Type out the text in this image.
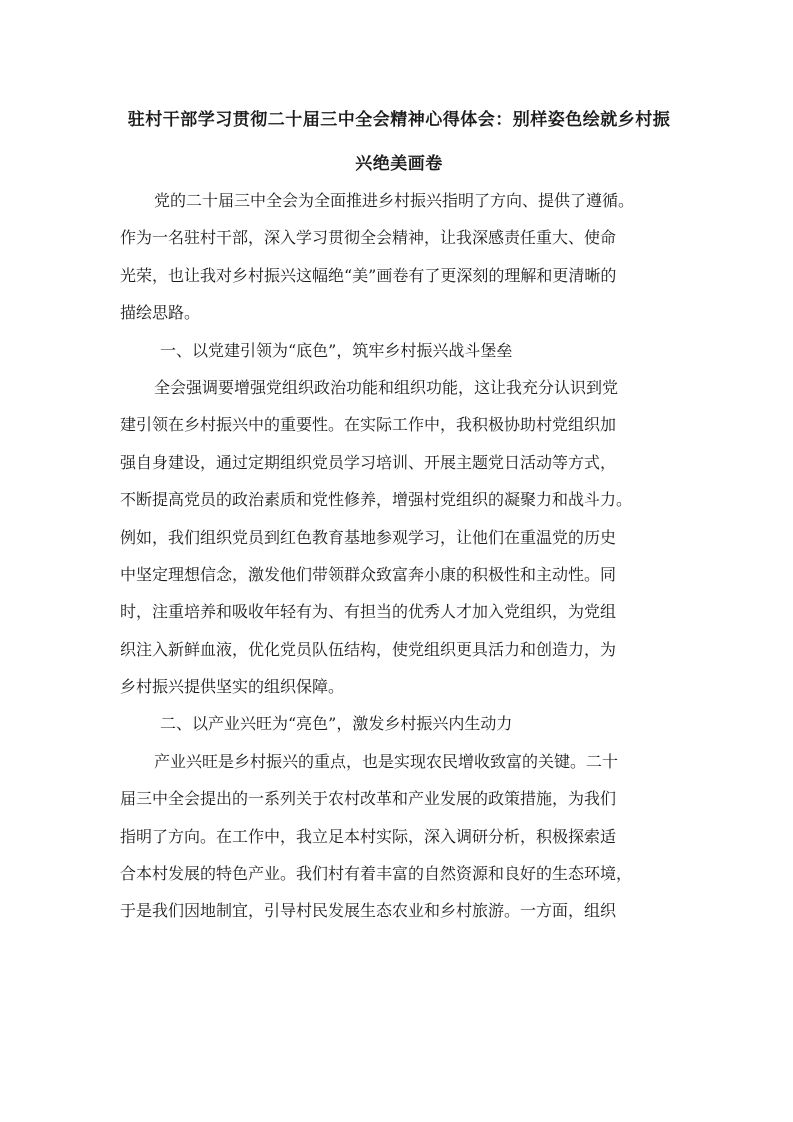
驻村干部学习贯彻二十届三中全会精神心得体会：别样姿色绘就乡村振
兴绝美画卷
党的二十届三中全会为全面推进乡村振兴指明了方向、提供了遵循。
作为一名驻村干部，深入学习贯彻全会精神，让我深感责任重大、使命
光荣，也让我对乡村振兴这幅绝“美”画卷有了更深刻的理解和更清晰的
描绘思路。
一、以党建引领为“底色”，筑牢乡村振兴战斗堡垒
全会强调要增强党组织政治功能和组织功能，这让我充分认识到党
建引领在乡村振兴中的重要性。在实际工作中，我积极协助村党组织加
强自身建设，通过定期组织党员学习培训、开展主题党日活动等方式，
不断提高党员的政治素质和党性修养，增强村党组织的凝聚力和战斗力。
例如，我们组织党员到红色教育基地参观学习，让他们在重温党的历史
中坚定理想信念，激发他们带领群众致富奔小康的积极性和主动性。同
时，注重培养和吸收年轻有为、有担当的优秀人才加入党组织，为党组
织注入新鲜血液，优化党员队伍结构，使党组织更具活力和创造力，为
乡村振兴提供坚实的组织保障。
二、以产业兴旺为“亮色”，激发乡村振兴内生动力
产业兴旺是乡村振兴的重点，也是实现农民增收致富的关键。二十
届三中全会提出的一系列关于农村改革和产业发展的政策措施，为我们
指明了方向。在工作中，我立足本村实际，深入调研分析，积极探索适
合本村发展的特色产业。我们村有着丰富的自然资源和良好的生态环境，
于是我们因地制宜，引导村民发展生态农业和乡村旅游。一方面，组织
